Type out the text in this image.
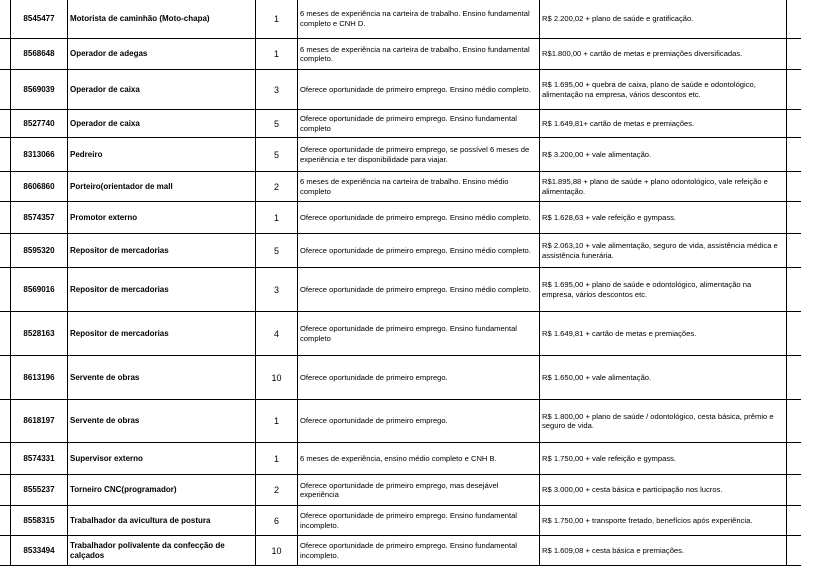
	8545477	Motorista de caminhão (Moto-chapa)	1	6 meses de experiência na carteira de trabalho. Ensino fundamental completo e CNH D.	R$ 2.200,02 + plano de saúde e gratificação.	
	8568648	Operador de adegas	1	6 meses de experiência na carteira de trabalho. Ensino fundamental completo.	R$1.800,00 + cartão de metas e premiações diversificadas.	
	8569039	Operador de caixa	3	Oferece oportunidade de primeiro emprego. Ensino médio completo.	R$ 1.695,00 + quebra de caixa, plano de saúde e odontológico, alimentação na empresa, vários descontos etc.	
	8527740	Operador de caixa	5	Oferece oportunidade de primeiro emprego. Ensino fundamental completo	R$ 1.649,81+ cartão de metas e premiações.	
	8313066	Pedreiro	5	Oferece oportunidade de primeiro emprego, se possível 6 meses de experiência e ter disponibilidade para viajar.	R$ 3.200,00 + vale alimentação.	
	8606860	Porteiro(orientador de mall	2	6 meses de experiência na carteira de trabalho. Ensino médio completo	R$1.895,88 + plano de saúde + plano odontológico, vale refeição e alimentação.	
	8574357	Promotor externo	1	Oferece oportunidade de primeiro emprego. Ensino médio completo.	R$ 1.628,63 + vale refeição e gympass.	
	8595320	Repositor de mercadorias	5	Oferece oportunidade de primeiro emprego. Ensino médio completo.	R$ 2.063,10 + vale alimentação, seguro de vida, assistência médica e assistência funerária.	
	8569016	Repositor de mercadorias	3	Oferece oportunidade de primeiro emprego. Ensino médio completo.	R$ 1.695,00 + plano de saúde e odontológico, alimentação na empresa, vários descontos etc.	
	8528163	Repositor de mercadorias	4	Oferece oportunidade de primeiro emprego. Ensino fundamental completo	R$ 1.649,81 + cartão de metas e premiações.	
	8613196	Servente de obras	10	Oferece oportunidade de primeiro emprego.	R$ 1.650,00 + vale alimentação.	
	8618197	Servente de obras	1	Oferece oportunidade de primeiro emprego.	R$ 1.800,00 + plano de saúde / odontológico, cesta básica, prêmio e seguro de vida.	
	8574331	Supervisor externo	1	6 meses de experiência, ensino médio completo e CNH B.	R$ 1.750,00 + vale refeição e gympass.	
	8555237	Torneiro CNC(programador)	2	Oferece oportunidade de primeiro emprego, mas desejável experiência	R$ 3.000,00 + cesta básica e participação nos lucros.	
	8558315	Trabalhador da avicultura de postura	6	Oferece oportunidade de primeiro emprego. Ensino fundamental incompleto.	R$ 1.750,00 + transporte fretado, benefícios após experiência.	
	8533494	Trabalhador polivalente da confecção de calçados	10	Oferece oportunidade de primeiro emprego. Ensino fundamental incompleto.	R$ 1.609,08 + cesta básica e premiações.	
